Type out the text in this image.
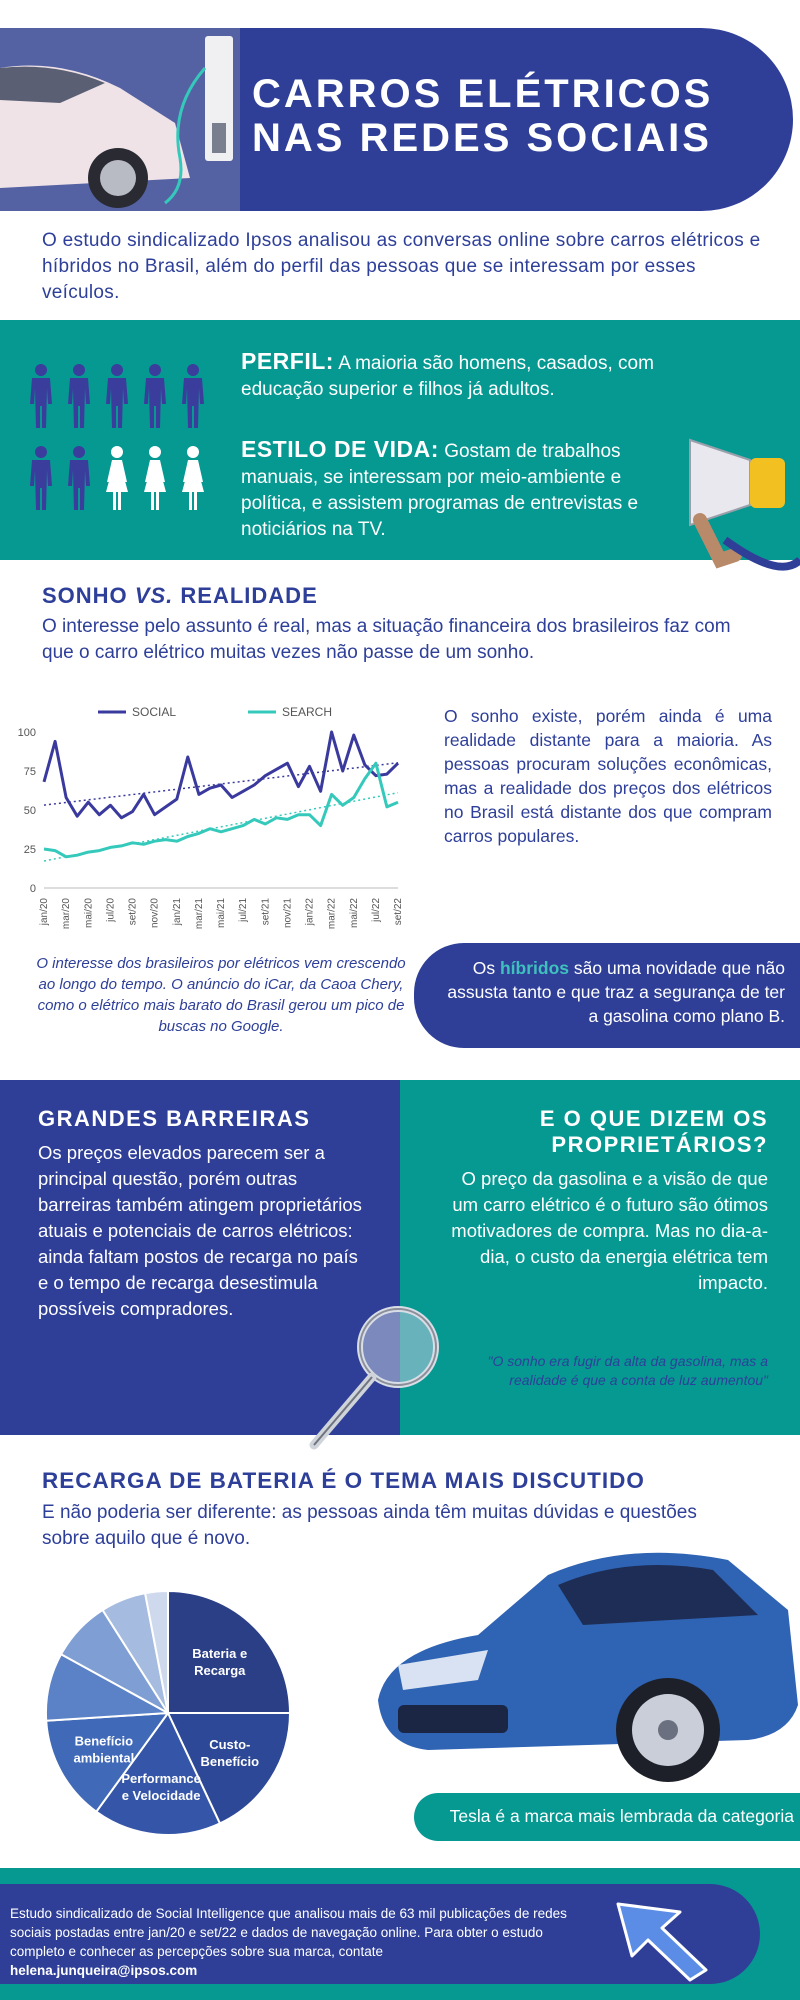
CARROS ELÉTRICOS
NAS REDES SOCIAIS
O estudo sindicalizado Ipsos analisou as conversas online sobre carros elétricos e híbridos no Brasil, além do perfil das pessoas que se interessam por esses veículos.
PERFIL: A maioria são homens, casados, com educação superior e filhos já adultos.
ESTILO DE VIDA: Gostam de trabalhos manuais, se interessam por meio-ambiente e política, e assistem programas de entrevistas e noticiários na TV.
SONHO VS. REALIDADE
O interesse pelo assunto é real, mas a situação financeira dos brasileiros faz com que o carro elétrico muitas vezes não passe de um sonho.
0
25
50
75
100
jan/20 mar/20 mai/20 jul/20 set/20 nov/20 jan/21 mar/21 mai/21 jul/21 set/21 nov/21 jan/22 mar/22 mai/22 jul/22 set/22
SOCIAL	SEARCH	O sonho existe, porém ainda é uma realidade distante para a maioria. As pessoas procuram soluções econômicas, mas a realidade dos preços dos elétricos no Brasil está distante dos que compram carros populares.
O interesse dos brasileiros por elétricos vem crescendo ao longo do tempo. O anúncio do iCar, da Caoa Chery, como o elétrico mais barato do Brasil gerou um pico de buscas no Google.
Os híbridos são uma novidade que não assusta tanto e que traz a segurança de ter a gasolina como plano B.
GRANDES BARREIRAS
Os preços elevados parecem ser a principal questão, porém outras barreiras também atingem proprietários atuais e potenciais de carros elétricos: ainda faltam postos de recarga no país e o tempo de recarga desestimula possíveis compradores.
E O QUE DIZEM OS PROPRIETÁRIOS?
O preço da gasolina e a visão de que um carro elétrico é o futuro são ótimos motivadores de compra. Mas no dia-a-dia, o custo da energia elétrica tem impacto.
"O sonho era fugir da alta da gasolina, mas a realidade é que a conta de luz aumentou"
RECARGA DE BATERIA É O TEMA MAIS DISCUTIDO
E não poderia ser diferente: as pessoas ainda têm muitas dúvidas e questões sobre aquilo que é novo.
Bateria e
Recarga
Custo-
Benefício
Performance
e Velocidade
Benefício
ambiental
Tesla é a marca mais lembrada da categoria
Estudo sindicalizado de Social Intelligence que analisou mais de 63 mil publicações de redes sociais postadas entre jan/20 e set/22 e dados de navegação online. Para obter o estudo completo e conhecer as percepções sobre sua marca, contate
helena.junqueira@ipsos.com
